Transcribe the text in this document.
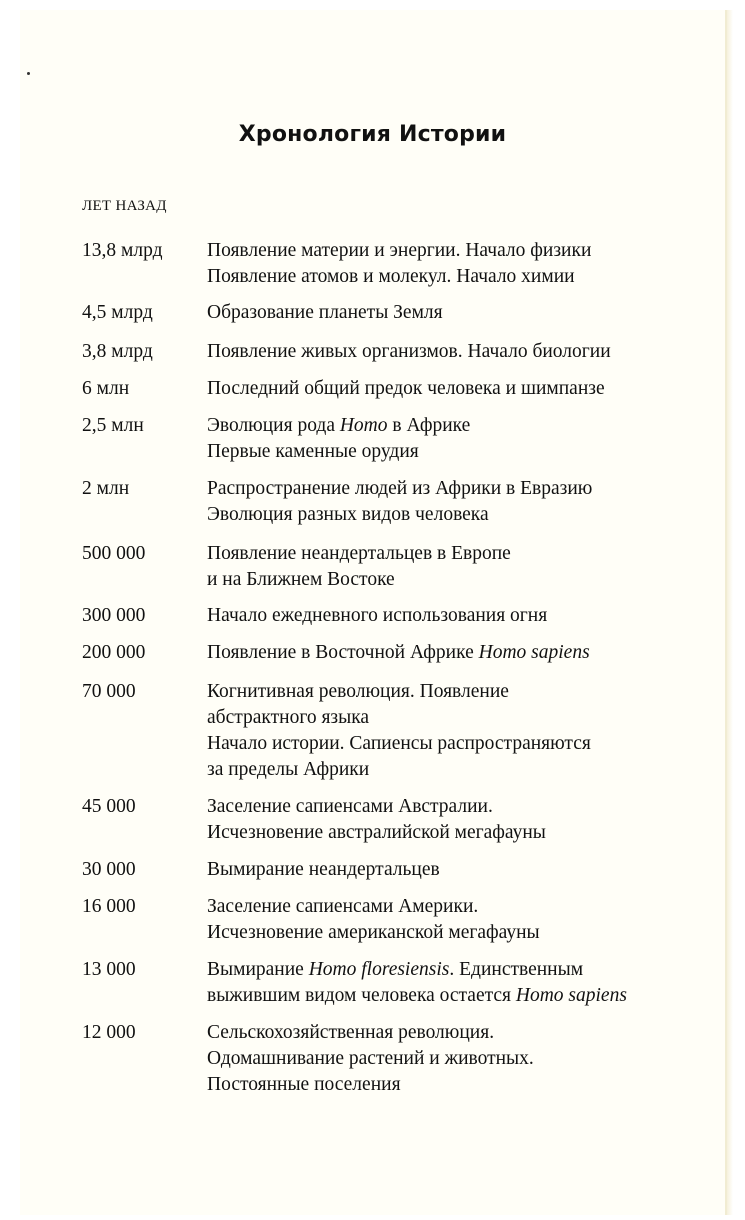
Хронология Истории
ЛЕТ НАЗАД
13,8 млрд Появление материи и энергии. Начало физики
Появление атомов и молекул. Начало химии
4,5 млрд	Образование планеты Земля
3,8 млрд	Появление живых организмов. Начало биологии
6 млн	Последний общий предок человека и шимпанзе
2,5 млн	Эволюция рода Homo в Африке
Первые каменные орудия
2 млн	Распространение людей из Африки в Евразию
Эволюция разных видов человека
500 000	Появление неандертальцев в Европе
и на Ближнем Востоке
300 000	Начало ежедневного использования огня
200 000	Появление в Восточной Африке Homo sapiens
70 000	Когнитивная революция. Появление
абстрактного языка
Начало истории. Сапиенсы распространяются
за пределы Африки
45 000	Заселение сапиенсами Австралии.
Исчезновение австралийской мегафауны
30 000	Вымирание неандертальцев
16 000	Заселение сапиенсами Америки.
Исчезновение американской мегафауны
13 000	Вымирание Homo floresiensis. Единственным
выжившим видом человека остается Homo sapiens
12 000	Сельскохозяйственная революция.
Одомашнивание растений и животных.
Постоянные поселения
